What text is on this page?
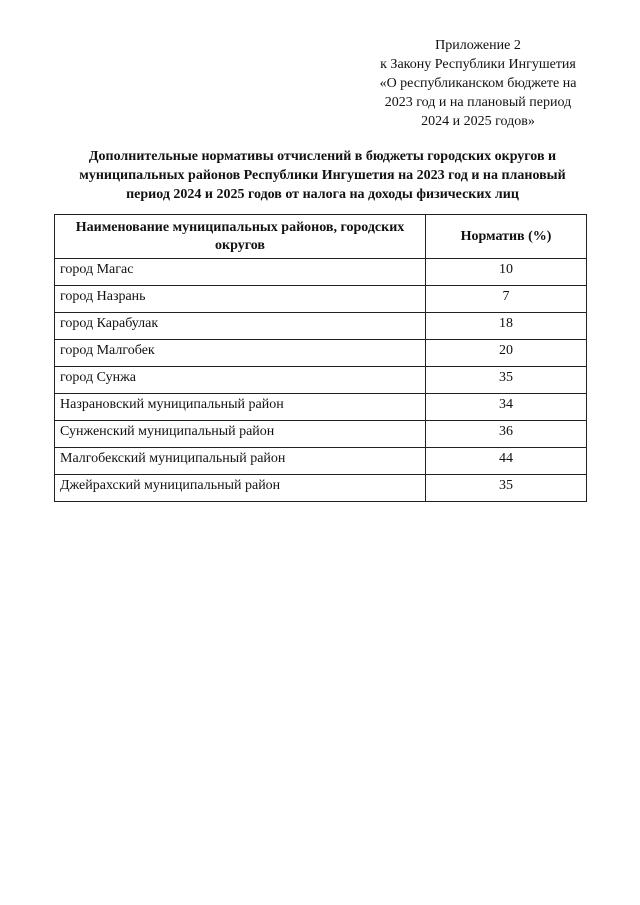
Приложение 2
к Закону Республики Ингушетия
«О республиканском бюджете на
2023 год и на плановый период
2024 и 2025 годов»
Дополнительные нормативы отчислений в бюджеты городских округов и
муниципальных районов Республики Ингушетия на 2023 год и на плановый
период 2024 и 2025 годов от налога на доходы физических лиц
Наименование муниципальных районов, городских округов	Норматив (%)
город Магас	10
город Назрань	7
город Карабулак	18
город Малгобек	20
город Сунжа	35
Назрановский муниципальный район	34
Сунженский муниципальный район	36
Малгобекский муниципальный район	44
Джейрахский муниципальный район	35
